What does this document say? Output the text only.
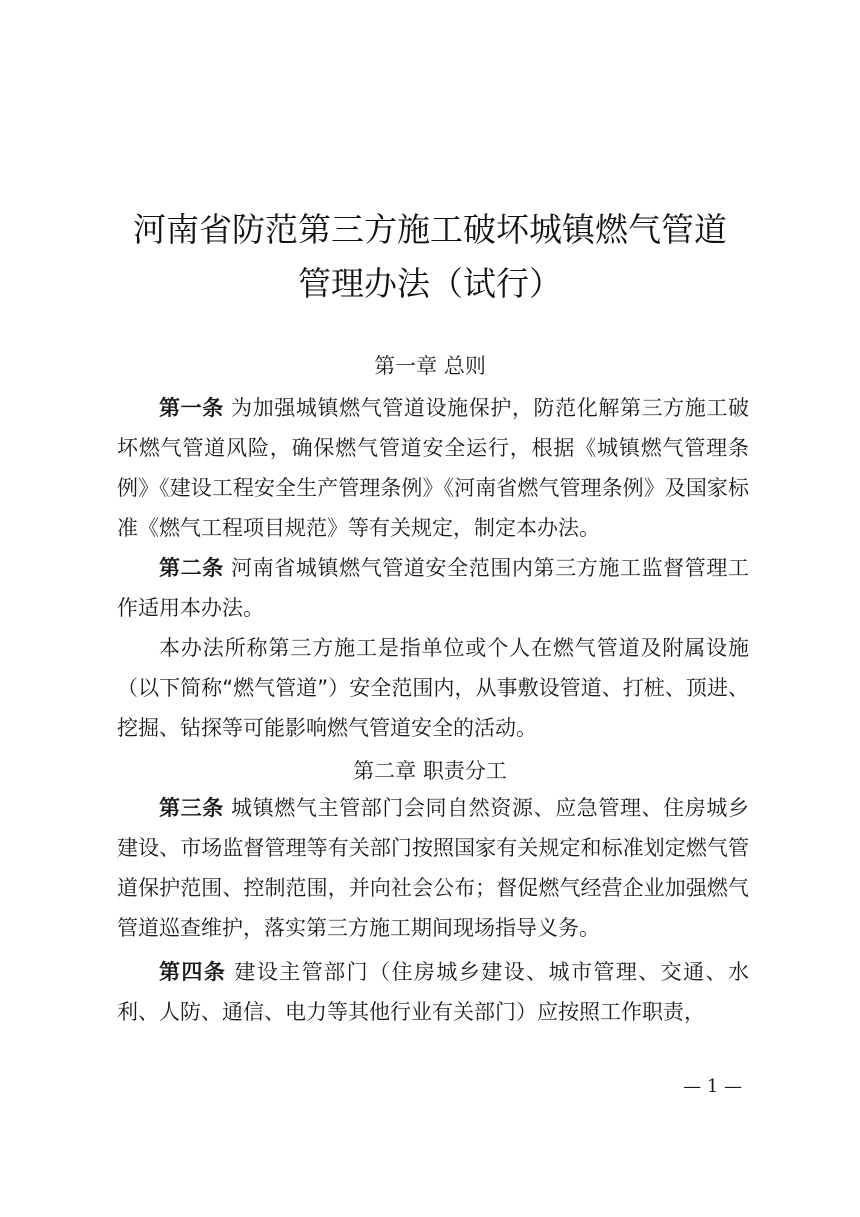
河南省防范第三方施工破坏城镇燃气管道
管理办法（试行）
第一章 总则

第一条 为加强城镇燃气管道设施保护，防范化解第三方施工破坏燃气管道风险，确保燃气管道安全运行，根据《城镇燃气管理条例》《建设工程安全生产管理条例》《河南省燃气管理条例》及国家标准《燃气工程项目规范》等有关规定，制定本办法。

第二条 河南省城镇燃气管道安全范围内第三方施工监督管理工作适用本办法。

本办法所称第三方施工是指单位或个人在燃气管道及附属设施（以下简称“燃气管道”）安全范围内，从事敷设管道、打桩、顶进、挖掘、钻探等可能影响燃气管道安全的活动。

第二章 职责分工

第三条 城镇燃气主管部门会同自然资源、应急管理、住房城乡建设、市场监督管理等有关部门按照国家有关规定和标准划定燃气管道保护范围、控制范围，并向社会公布；督促燃气经营企业加强燃气管道巡查维护，落实第三方施工期间现场指导义务。

第四条 建设主管部门（住房城乡建设、城市管理、交通、水利、人防、通信、电力等其他行业有关部门）应按照工作职责，

— 1 —
